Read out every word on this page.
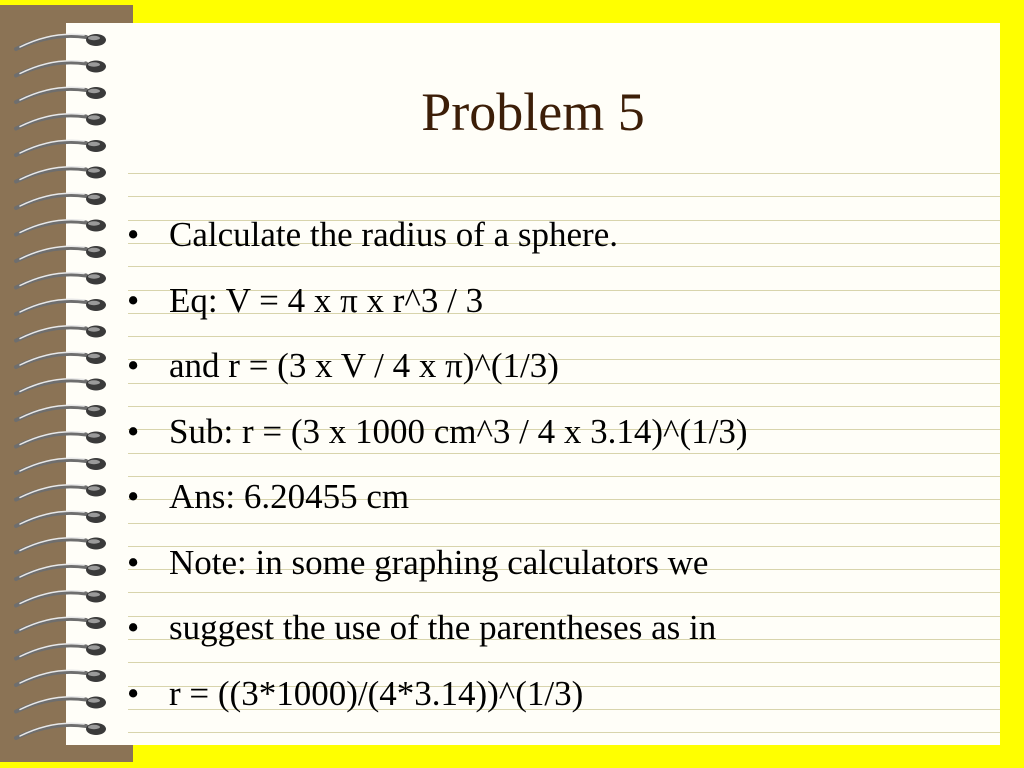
Problem 5
• Calculate the radius of a sphere.
• Eq: V = 4 x π x r^3 / 3
• and r = (3 x V / 4 x π)^(1/3)
• Sub: r = (3 x 1000 cm^3 / 4 x 3.14)^(1/3)
• Ans: 6.20455 cm
• Note: in some graphing calculators we
• suggest the use of the parentheses as in
• r = ((3*1000)/(4*3.14))^(1/3)
